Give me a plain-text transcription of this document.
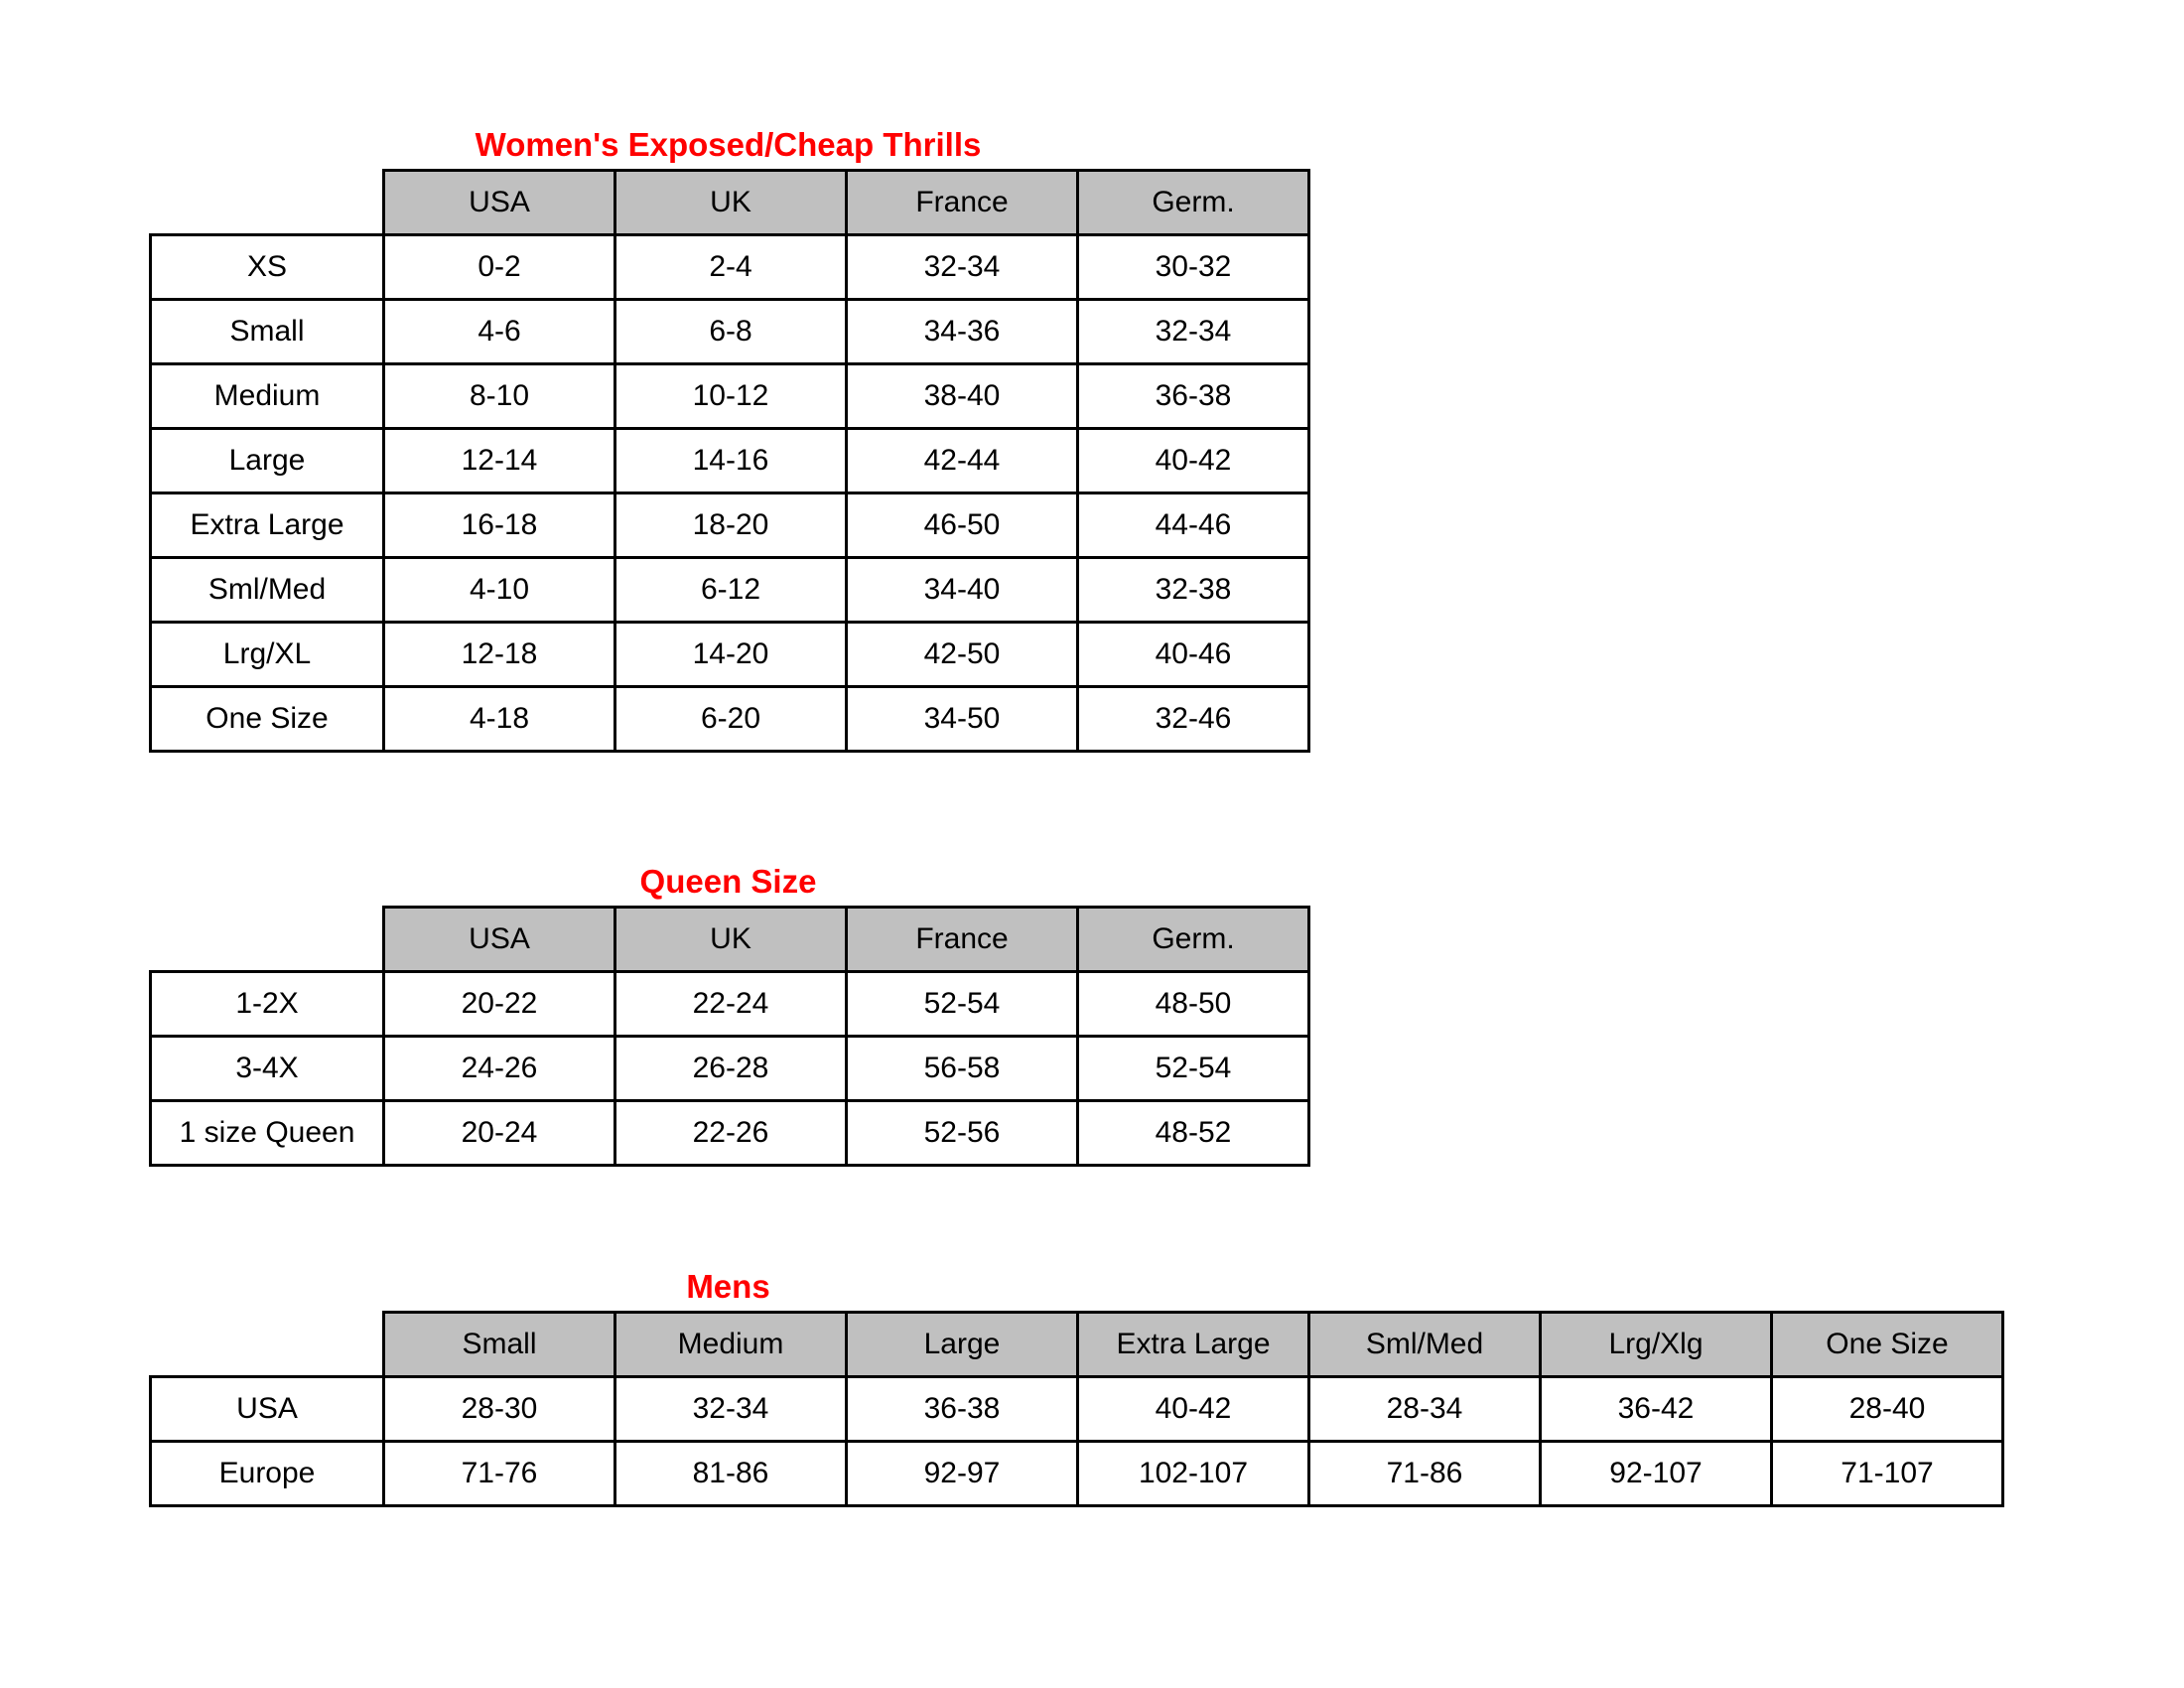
Women's Exposed/Cheap Thrills
	USA	UK	France	Germ.
XS	0-2	2-4	32-34	30-32
Small	4-6	6-8	34-36	32-34
Medium	8-10	10-12	38-40	36-38
Large	12-14	14-16	42-44	40-42
Extra Large	16-18	18-20	46-50	44-46
Sml/Med	4-10	6-12	34-40	32-38
Lrg/XL	12-18	14-20	42-50	40-46
One Size	4-18	6-20	34-50	32-46
Queen Size
	USA	UK	France	Germ.
1-2X	20-22	22-24	52-54	48-50
3-4X	24-26	26-28	56-58	52-54
1 size Queen	20-24	22-26	52-56	48-52
Mens
	Small	Medium	Large	Extra Large	Sml/Med	Lrg/Xlg	One Size
USA	28-30	32-34	36-38	40-42	28-34	36-42	28-40
Europe	71-76	81-86	92-97	102-107	71-86	92-107	71-107
